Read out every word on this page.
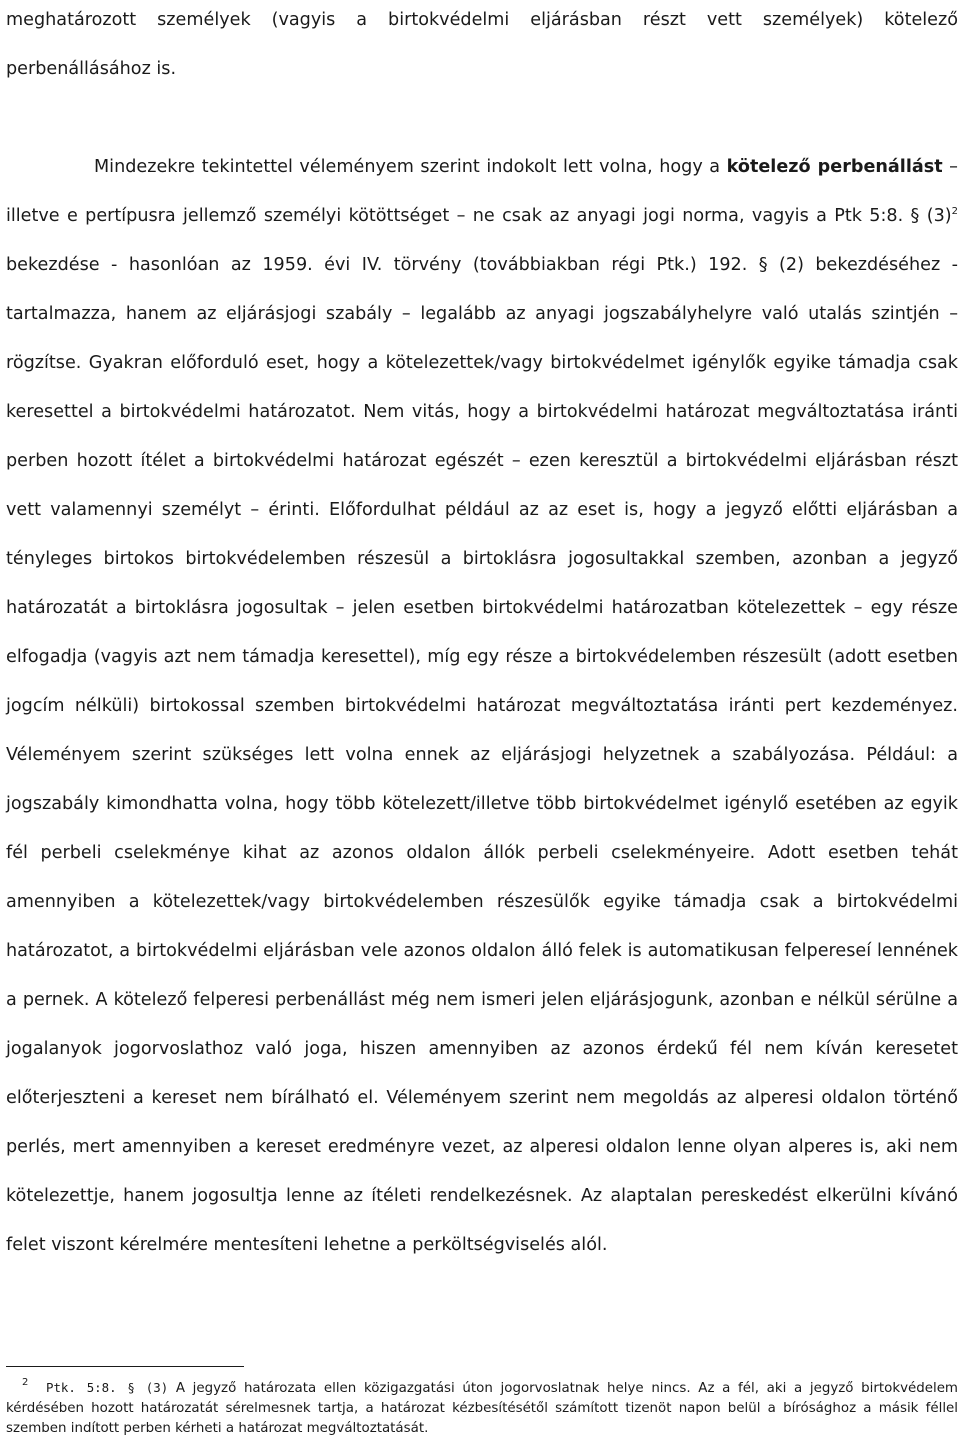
meghatározott személyek (vagyis a birtokvédelmi eljárásban részt vett személyek) kötelező perbenállásához is.

Mindezekre tekintettel véleményem szerint indokolt lett volna, hogy a kötelező perbenállást – illetve e pertípusra jellemző személyi kötöttséget – ne csak az anyagi jogi norma, vagyis a Ptk 5:8. § $(3)^2$ bekezdése - hasonlóan az 1959. évi IV. törvény (továbbiakban régi Ptk.) 192. § (2) bekezdéséhez - tartalmazza, hanem az eljárásjogi szabály – legalább az anyagi jogszabályhelyre való utalás szintjén – rögzítse. Gyakran előforduló eset, hogy a kötelezettek/vagy birtokvédelmet igénylők egyike támadja csak keresettel a birtokvédelmi határozatot. Nem vitás, hogy a birtokvédelmi határozat megváltoztatása iránti perben hozott ítélet a birtokvédelmi határozat egészét – ezen keresztül a birtokvédelmi eljárásban részt vett valamennyi személyt – érinti. Előfordulhat például az az eset is, hogy a jegyző előtti eljárásban a tényleges birtokos birtokvédelemben részesül a birtoklásra jogosultakkal szemben, azonban a jegyző határozatát a birtoklásra jogosultak – jelen esetben birtokvédelmi határozatban kötelezettek – egy része elfogadja (vagyis azt nem támadja keresettel), míg egy része a birtokvédelemben részesült (adott esetben jogcím nélküli) birtokossal szemben birtokvédelmi határozat megváltoztatása iránti pert kezdeményez. Véleményem szerint szükséges lett volna ennek az eljárásjogi helyzetnek a szabályozása. Például: a jogszabály kimondhatta volna, hogy több kötelezett/illetve több birtokvédelmet igénylő esetében az egyik fél perbeli cselekménye kihat az azonos oldalon állók perbeli cselekményeire. Adott esetben tehát amennyiben a kötelezettek/vagy birtokvédelemben részesülők egyike támadja csak a birtokvédelmi határozatot, a birtokvédelmi eljárásban vele azonos oldalon álló felek is automatikusan felpereseí lennének a pernek. A kötelező felperesi perbenállást még nem ismeri jelen eljárásjogunk, azonban e nélkül sérülne a jogalanyok jogorvoslathoz való joga, hiszen amennyiben az azonos érdekű fél nem kíván keresetet előterjeszteni a kereset nem bírálható el. Véleményem szerint nem megoldás az alperesi oldalon történő perlés, mert amennyiben a kereset eredményre vezet, az alperesi oldalon lenne olyan alperes is, aki nem kötelezettje, hanem jogosultja lenne az ítéleti rendelkezésnek. Az alaptalan pereskedést elkerülni kívánó felet viszont kérelmére mentesíteni lehetne a perköltségviselés alól.

$^2$ Ptk. 5:8. § (3) A jegyző határozata ellen közigazgatási úton jogorvoslatnak helye nincs. Az a fél, aki a jegyző birtokvédelem kérdésében hozott határozatát sérelmesnek tartja, a határozat kézbesítésétől számított tizenöt napon belül a bírósághoz a másik féllel szemben indított perben kérheti a határozat megváltoztatását.
